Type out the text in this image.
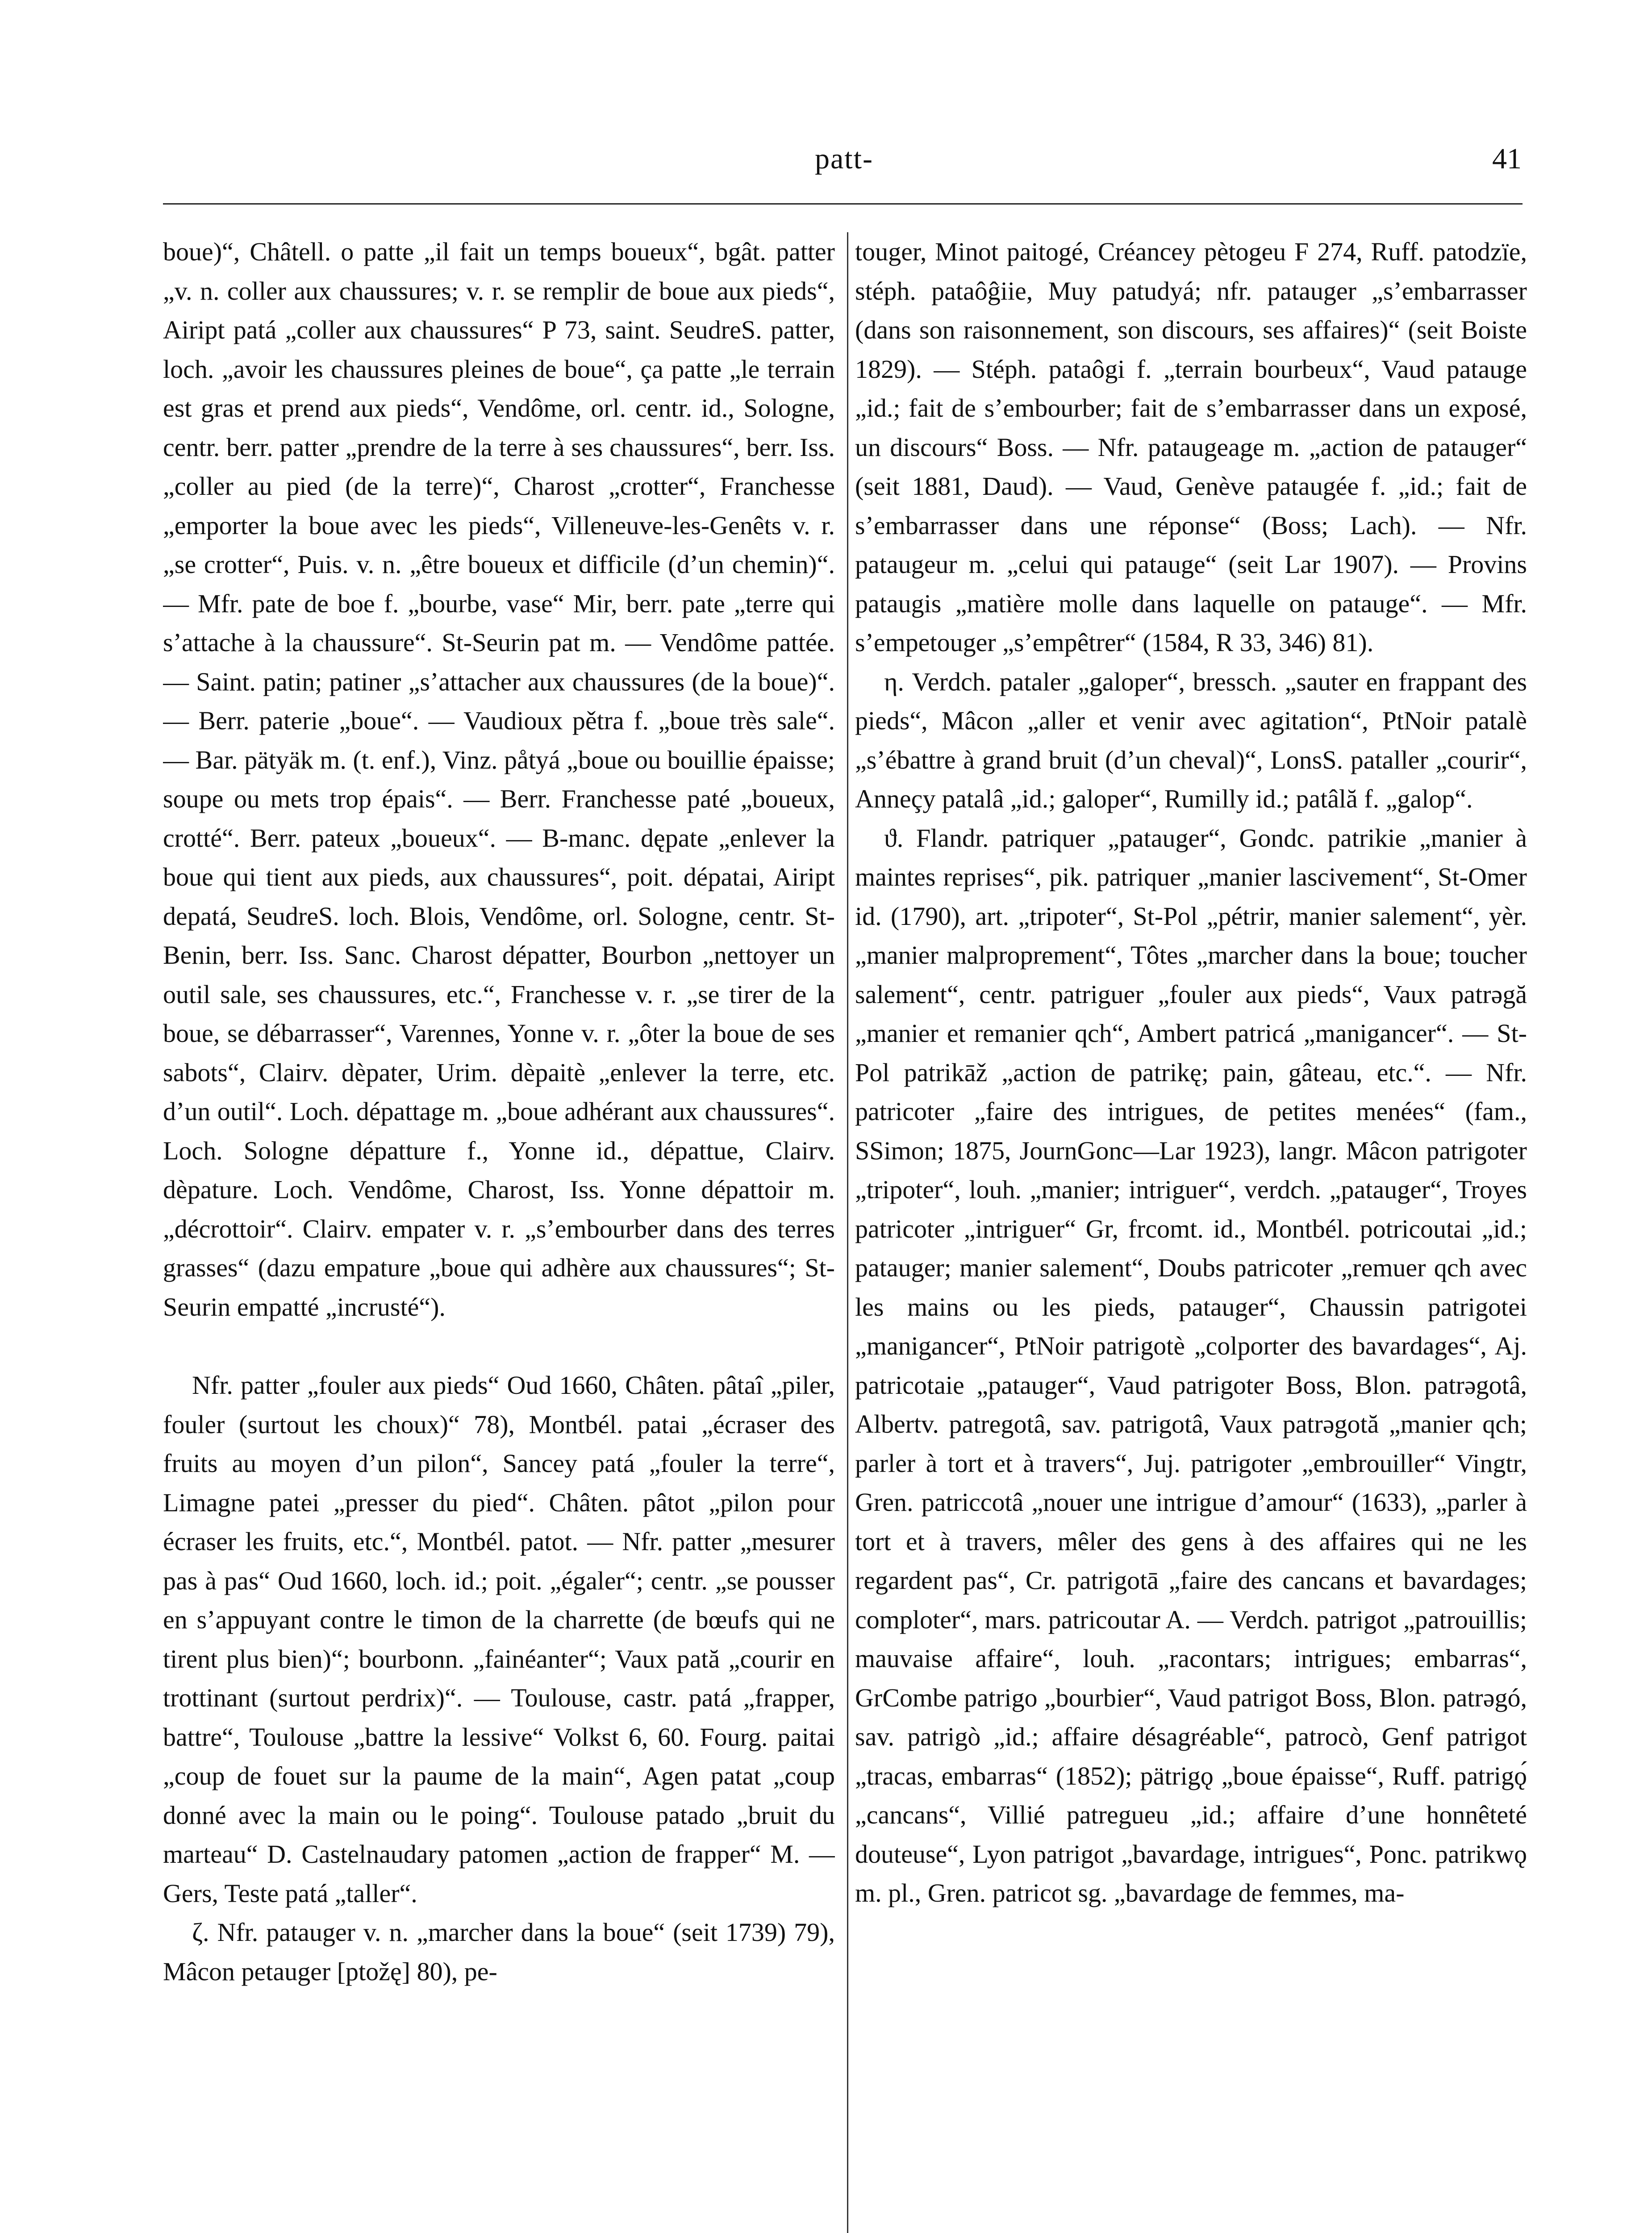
patt-	41

boue)“, Châtell. o patte „il fait un temps boueux“, bgât. patter „v. n. coller aux chaussures; v. r. se remplir de boue aux pieds“, Aiript patá „coller aux chaussures“ P 73, saint. SeudreS. patter, loch. „avoir les chaussures pleines de boue“, ça patte „le terrain est gras et prend aux pieds“, Vendôme, orl. centr. id., Sologne, centr. berr. patter „prendre de la terre à ses chaussures“, berr. Iss. „coller au pied (de la terre)“, Charost „crotter“, Franchesse „emporter la boue avec les pieds“, Villeneuve-les-Genêts v. r. „se crotter“, Puis. v. n. „être boueux et difficile (d’un chemin)“. — Mfr. pate de boe f. „bourbe, vase“ Mir, berr. pate „terre qui s’attache à la chaussure“. St-Seurin pat m. — Vendôme pattée. — Saint. patin; patiner „s’attacher aux chaussures (de la boue)“. — Berr. paterie „boue“. — Vaudioux pětra f. „boue très sale“. — Bar. pätyäk m. (t. enf.), Vinz. påtyá „boue ou bouillie épaisse; soupe ou mets trop épais“. — Berr. Franchesse paté „boueux, crotté“. Berr. pateux „boueux“. — B-manc. dępate „enlever la boue qui tient aux pieds, aux chaussures“, poit. dépatai, Aiript depatá, SeudreS. loch. Blois, Vendôme, orl. Sologne, centr. St-Benin, berr. Iss. Sanc. Charost dépatter, Bourbon „nettoyer un outil sale, ses chaussures, etc.“, Franchesse v. r. „se tirer de la boue, se débarrasser“, Varennes, Yonne v. r. „ôter la boue de ses sabots“, Clairv. dèpater, Urim. dèpaitè „enlever la terre, etc. d’un outil“. Loch. dépattage m. „boue adhérant aux chaussures“. Loch. Sologne dépatture f., Yonne id., dépattue, Clairv. dèpature. Loch. Vendôme, Charost, Iss. Yonne dépattoir m. „décrottoir“. Clairv. empater v. r. „s’embourber dans des terres grasses“ (dazu empature „boue qui adhère aux chaussures“; St-Seurin empatté „incrusté“).

Nfr. patter „fouler aux pieds“ Oud 1660, Châten. pâtaî „piler, fouler (surtout les choux)“ 78), Montbél. patai „écraser des fruits au moyen d’un pilon“, Sancey patá „fouler la terre“, Limagne patei „presser du pied“. Châten. pâtot „pilon pour écraser les fruits, etc.“, Montbél. patot. — Nfr. patter „mesurer pas à pas“ Oud 1660, loch. id.; poit. „égaler“; centr. „se pousser en s’appuyant contre le timon de la charrette (de bœufs qui ne tirent plus bien)“; bourbonn. „fainéanter“; Vaux pată „courir en trottinant (surtout perdrix)“. — Toulouse, castr. patá „frapper, battre“, Toulouse „battre la lessive“ Volkst 6, 60. Fourg. paitai „coup de fouet sur la paume de la main“, Agen patat „coup donné avec la main ou le poing“. Toulouse patado „bruit du marteau“ D. Castelnaudary patomen „action de frapper“ M. — Gers, Teste patá „taller“.

ζ. Nfr. patauger v. n. „marcher dans la boue“ (seit 1739) 79), Mâcon petauger [ptožę] 80), pe-

touger, Minot paitogé, Créancey pètogeu F 274, Ruff. patodzïe, stéph. pataôĝiie, Muy patudyá; nfr. patauger „s’embarrasser (dans son raisonnement, son discours, ses affaires)“ (seit Boiste 1829). — Stéph. pataôgi f. „terrain bourbeux“, Vaud patauge „id.; fait de s’embourber; fait de s’embarrasser dans un exposé, un discours“ Boss. — Nfr. pataugeage m. „action de patauger“ (seit 1881, Daud). — Vaud, Genève pataugée f. „id.; fait de s’embarrasser dans une réponse“ (Boss; Lach). — Nfr. pataugeur m. „celui qui patauge“ (seit Lar 1907). — Provins pataugis „matière molle dans laquelle on patauge“. — Mfr. s’empetouger „s’empêtrer“ (1584, R 33, 346) 81).

η. Verdch. pataler „galoper“, bressch. „sauter en frappant des pieds“, Mâcon „aller et venir avec agitation“, PtNoir patalè „s’ébattre à grand bruit (d’un cheval)“, LonsS. pataller „courir“, Anneçy patalâ „id.; galoper“, Rumilly id.; patâlă f. „galop“.

ϑ. Flandr. patriquer „patauger“, Gondc. patrikie „manier à maintes reprises“, pik. patriquer „manier lascivement“, St-Omer id. (1790), art. „tripoter“, St-Pol „pétrir, manier salement“, yèr. „manier malproprement“, Tôtes „marcher dans la boue; toucher salement“, centr. patriguer „fouler aux pieds“, Vaux patrəgă „manier et remanier qch“, Ambert patricá „manigancer“. — St-Pol patrikāž „action de patrikę; pain, gâteau, etc.“. — Nfr. patricoter „faire des intrigues, de petites menées“ (fam., SSimon; 1875, JournGonc—Lar 1923), langr. Mâcon patrigoter „tripoter“, louh. „manier; intriguer“, verdch. „patauger“, Troyes patricoter „intriguer“ Gr, frcomt. id., Montbél. potricoutai „id.; patauger; manier salement“, Doubs patricoter „remuer qch avec les mains ou les pieds, patauger“, Chaussin patrigotei „manigancer“, PtNoir patrigotè „colporter des bavardages“, Aj. patricotaie „patauger“, Vaud patrigoter Boss, Blon. patrəgotâ, Albertv. patregotâ, sav. patrigotâ, Vaux patrəgotă „manier qch; parler à tort et à travers“, Juj. patrigoter „embrouiller“ Vingtr, Gren. patriccotâ „nouer une intrigue d’amour“ (1633), „parler à tort et à travers, mêler des gens à des affaires qui ne les regardent pas“, Cr. patrigotā „faire des cancans et bavardages; comploter“, mars. patricoutar A. — Verdch. patrigot „patrouillis; mauvaise affaire“, louh. „racontars; intrigues; embarras“, GrCombe patrigo „bourbier“, Vaud patrigot Boss, Blon. patrəgó, sav. patrigò „id.; affaire désagréable“, patrocò, Genf patrigot „tracas, embarras“ (1852); pätrigǫ „boue épaisse“, Ruff. patrigǫ́ „cancans“, Villié patregueu „id.; affaire d’une honnêteté douteuse“, Lyon patrigot „bavardage, intrigues“, Ponc. patrikwǫ m. pl., Gren. patricot sg. „bavardage de femmes, ma-
